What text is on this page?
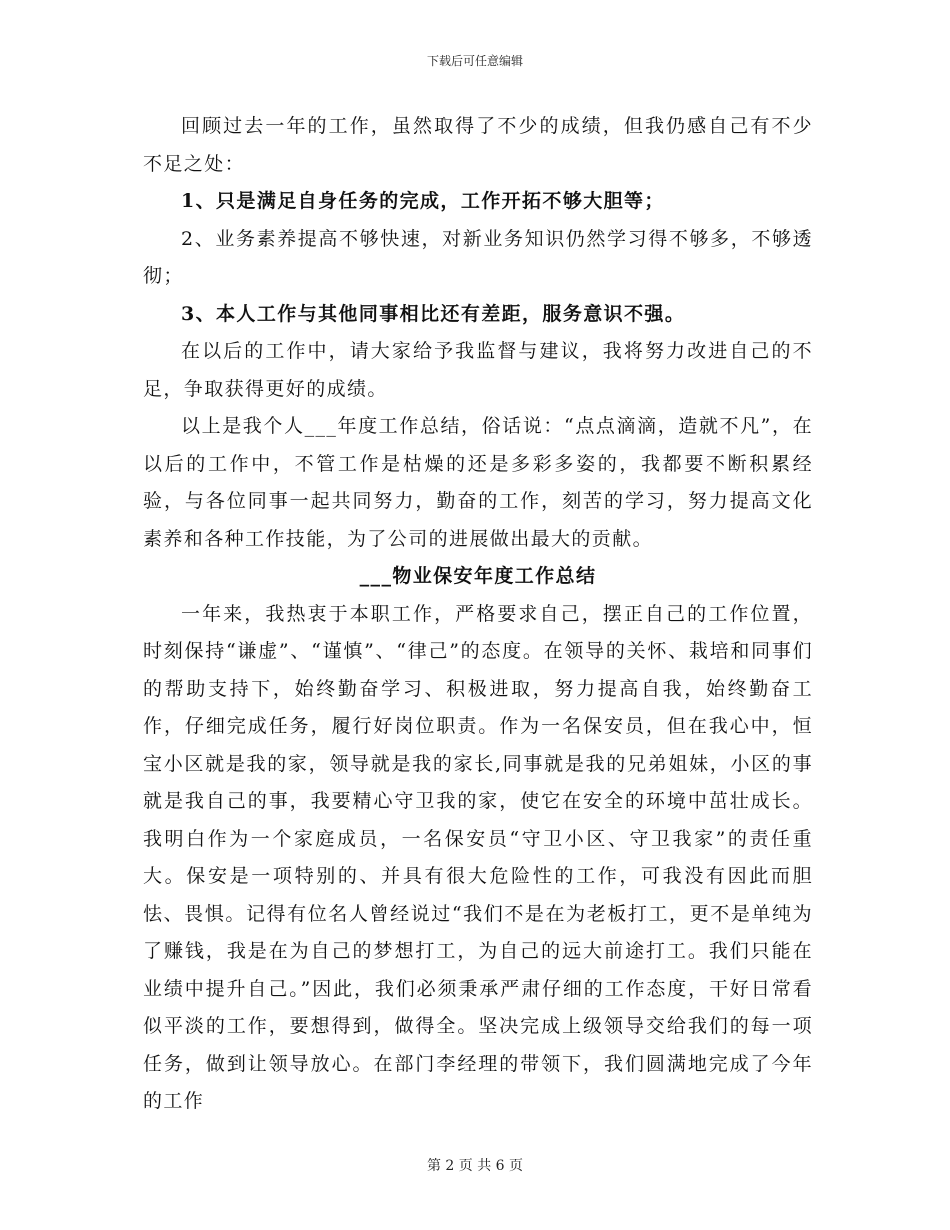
下载后可任意编辑

回顾过去一年的工作，虽然取得了不少的成绩，但我仍感自己有不少不足之处：

1、只是满足自身任务的完成，工作开拓不够大胆等；

2、业务素养提高不够快速，对新业务知识仍然学习得不够多，不够透彻；

3、本人工作与其他同事相比还有差距，服务意识不强。

在以后的工作中，请大家给予我监督与建议，我将努力改进自己的不足，争取获得更好的成绩。

以上是我个人___年度工作总结，俗话说：“点点滴滴，造就不凡”，在以后的工作中，不管工作是枯燥的还是多彩多姿的，我都要不断积累经验，与各位同事一起共同努力，勤奋的工作，刻苦的学习，努力提高文化素养和各种工作技能，为了公司的进展做出最大的贡献。

___物业保安年度工作总结

一年来，我热衷于本职工作，严格要求自己，摆正自己的工作位置，时刻保持“谦虚”、“谨慎”、“律己”的态度。在领导的关怀、栽培和同事们的帮助支持下，始终勤奋学习、积极进取，努力提高自我，始终勤奋工作，仔细完成任务，履行好岗位职责。作为一名保安员，但在我心中，恒宝小区就是我的家，领导就是我的家长,同事就是我的兄弟姐妹，小区的事就是我自己的事，我要精心守卫我的家，使它在安全的环境中茁壮成长。我明白作为一个家庭成员，一名保安员“守卫小区、守卫我家”的责任重大。保安是一项特别的、并具有很大危险性的工作，可我没有因此而胆怯、畏惧。记得有位名人曾经说过“我们不是在为老板打工，更不是单纯为了赚钱，我是在为自己的梦想打工，为自己的远大前途打工。我们只能在业绩中提升自己。”因此，我们必须秉承严肃仔细的工作态度，干好日常看似平淡的工作，要想得到，做得全。坚决完成上级领导交给我们的每一项任务，做到让领导放心。在部门李经理的带领下，我们圆满地完成了今年的工作

第 2 页 共 6 页
